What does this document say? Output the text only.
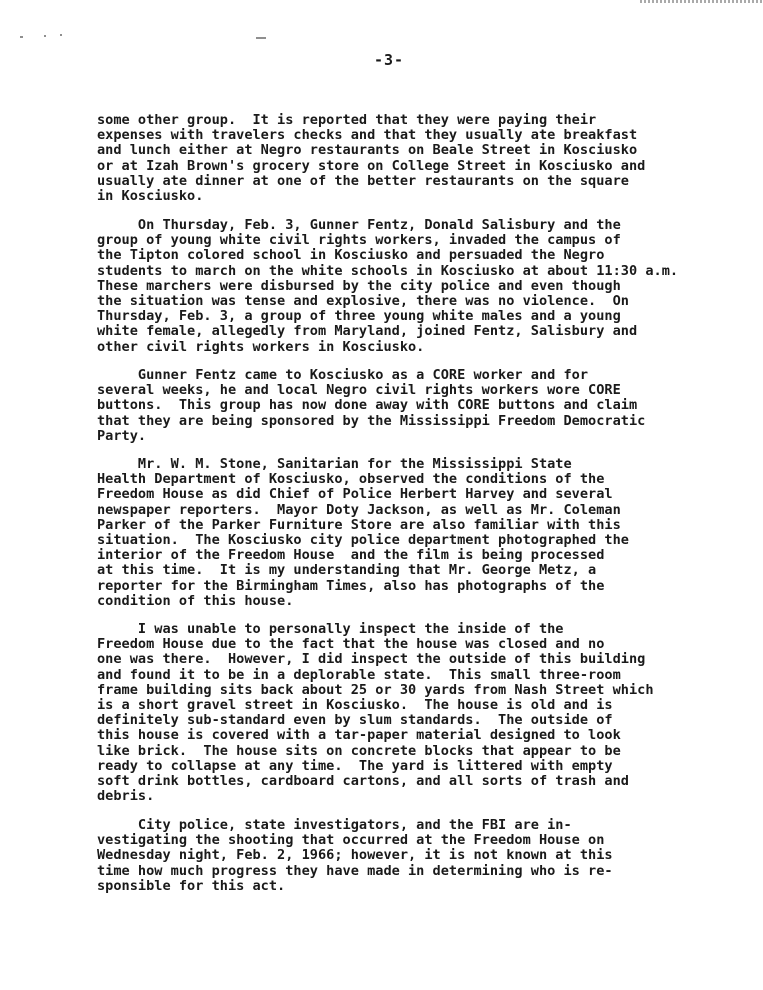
-3-

some other group.  It is reported that they were paying their
expenses with travelers checks and that they usually ate breakfast
and lunch either at Negro restaurants on Beale Street in Kosciusko
or at Izah Brown's grocery store on College Street in Kosciusko and
usually ate dinner at one of the better restaurants on the square
in Kosciusko.

On Thursday, Feb. 3, Gunner Fentz, Donald Salisbury and the
group of young white civil rights workers, invaded the campus of
the Tipton colored school in Kosciusko and persuaded the Negro
students to march on the white schools in Kosciusko at about 11:30 a.m.
These marchers were disbursed by the city police and even though
the situation was tense and explosive, there was no violence.  On
Thursday, Feb. 3, a group of three young white males and a young
white female, allegedly from Maryland, joined Fentz, Salisbury and
other civil rights workers in Kosciusko.

Gunner Fentz came to Kosciusko as a CORE worker and for
several weeks, he and local Negro civil rights workers wore CORE
buttons.  This group has now done away with CORE buttons and claim
that they are being sponsored by the Mississippi Freedom Democratic
Party.

Mr. W. M. Stone, Sanitarian for the Mississippi State
Health Department of Kosciusko, observed the conditions of the
Freedom House as did Chief of Police Herbert Harvey and several
newspaper reporters.  Mayor Doty Jackson, as well as Mr. Coleman
Parker of the Parker Furniture Store are also familiar with this
situation.  The Kosciusko city police department photographed the
interior of the Freedom House  and the film is being processed
at this time.  It is my understanding that Mr. George Metz, a
reporter for the Birmingham Times, also has photographs of the
condition of this house.

I was unable to personally inspect the inside of the
Freedom House due to the fact that the house was closed and no
one was there.  However, I did inspect the outside of this building
and found it to be in a deplorable state.  This small three-room
frame building sits back about 25 or 30 yards from Nash Street which
is a short gravel street in Kosciusko.  The house is old and is
definitely sub-standard even by slum standards.  The outside of
this house is covered with a tar-paper material designed to look
like brick.  The house sits on concrete blocks that appear to be
ready to collapse at any time.  The yard is littered with empty
soft drink bottles, cardboard cartons, and all sorts of trash and
debris.

City police, state investigators, and the FBI are in-
vestigating the shooting that occurred at the Freedom House on
Wednesday night, Feb. 2, 1966; however, it is not known at this
time how much progress they have made in determining who is re-
sponsible for this act.
